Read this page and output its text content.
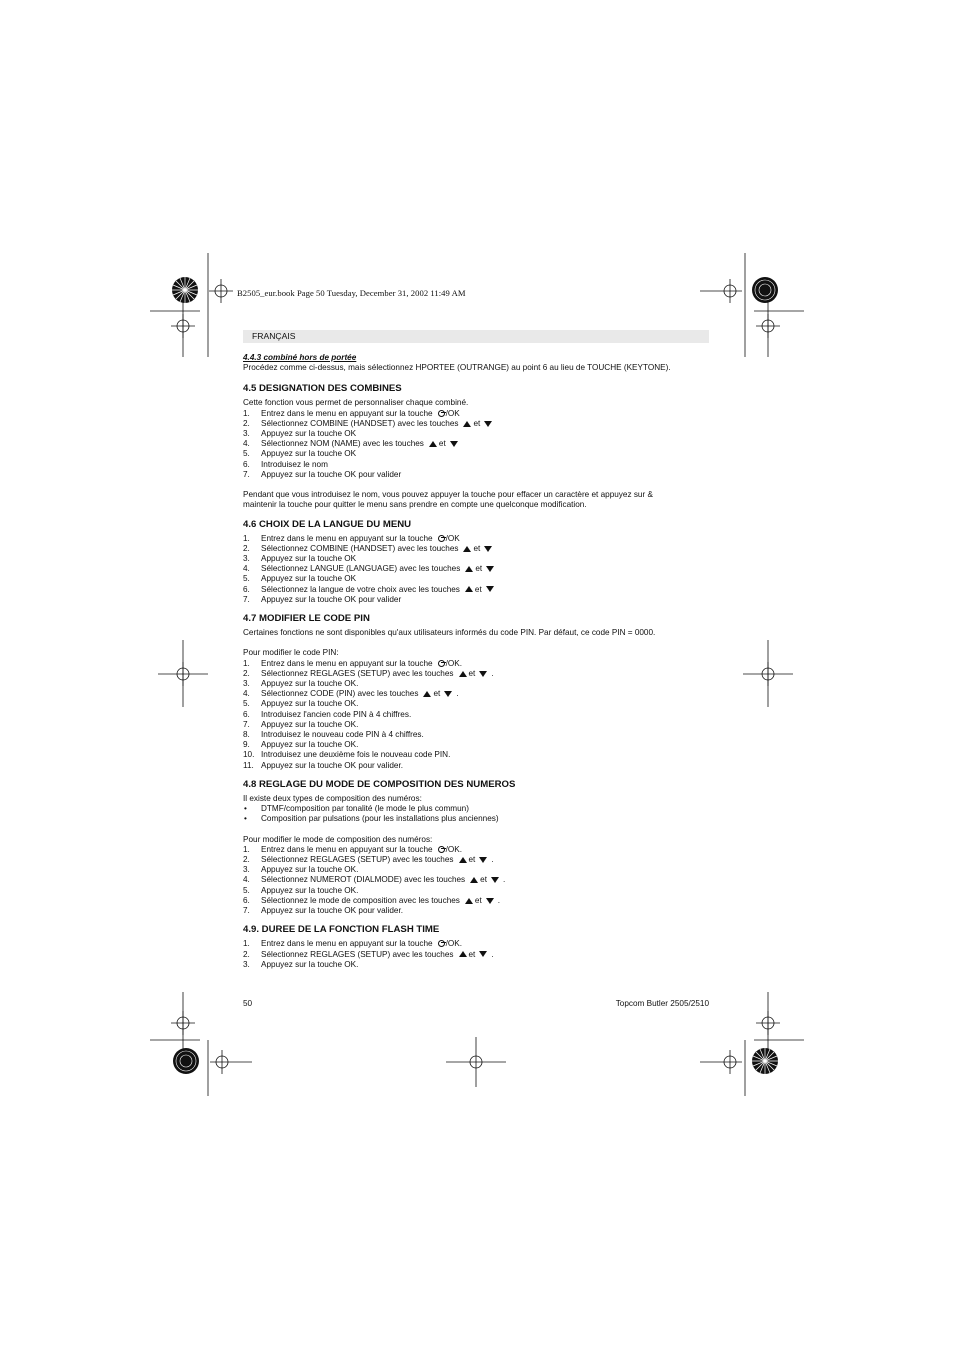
B2505_eur.book Page 50 Tuesday, December 31, 2002 11:49 AM
FRANÇAIS
4.4.3 combiné hors de portée

Procédez comme ci-dessus, mais sélectionnez HPORTEE (OUTRANGE) au point 6 au lieu de TOUCHE (KEYTONE).

4.5 DESIGNATION DES COMBINES

Cette fonction vous permet de personnaliser chaque combiné.

1.	Entrez dans le menu en appuyant sur la touche /OK
2.	Sélectionnez COMBINE (HANDSET) avec les touches et
3.	Appuyez sur la touche OK
4.	Sélectionnez NOM (NAME) avec les touches et
5.	Appuyez sur la touche OK
6.	Introduisez le nom
7.	Appuyez sur la touche OK pour valider

Pendant que vous introduisez le nom, vous pouvez appuyer la touche pour effacer un caractère et appuyez sur &

maintenir la touche pour quitter le menu sans prendre en compte une quelconque modification.

4.6 CHOIX DE LA LANGUE DU MENU
1.	Entrez dans le menu en appuyant sur la touche /OK
2.	Sélectionnez COMBINE (HANDSET) avec les touches et
3.	Appuyez sur la touche OK
4.	Sélectionnez LANGUE (LANGUAGE) avec les touches et
5.	Appuyez sur la touche OK
6.	Sélectionnez la langue de votre choix avec les touches et
7.	Appuyez sur la touche OK pour valider
4.7 MODIFIER LE CODE PIN

Certaines fonctions ne sont disponibles qu'aux utilisateurs informés du code PIN. Par défaut, ce code PIN = 0000.

Pour modifier le code PIN:

1.	Entrez dans le menu en appuyant sur la touche /OK.
2.	Sélectionnez REGLAGES (SETUP) avec les touches et .
3.	Appuyez sur la touche OK.
4.	Sélectionnez CODE (PIN) avec les touches et .
5.	Appuyez sur la touche OK.
6.	Introduisez l'ancien code PIN à 4 chiffres.
7.	Appuyez sur la touche OK.
8.	Introduisez le nouveau code PIN à 4 chiffres.
9.	Appuyez sur la touche OK.
10. Introduisez une deuxième fois le nouveau code PIN.
11. Appuyez sur la touche OK pour valider.
4.8 REGLAGE DU MODE DE COMPOSITION DES NUMEROS

Il existe deux types de composition des numéros:

• DTMF/composition par tonalité (le mode le plus commun)
• Composition par pulsations (pour les installations plus anciennes)

Pour modifier le mode de composition des numéros:

1.	Entrez dans le menu en appuyant sur la touche /OK.
2.	Sélectionnez REGLAGES (SETUP) avec les touches et .
3.	Appuyez sur la touche OK.
4.	Sélectionnez NUMEROT (DIALMODE) avec les touches et .
5.	Appuyez sur la touche OK.
6.	Sélectionnez le mode de composition avec les touches et .
7.	Appuyez sur la touche OK pour valider.
4.9. DUREE DE LA FONCTION FLASH TIME
1.	Entrez dans le menu en appuyant sur la touche /OK.
2.	Sélectionnez REGLAGES (SETUP) avec les touches et .
3.	Appuyez sur la touche OK.
50	Topcom Butler 2505/2510
